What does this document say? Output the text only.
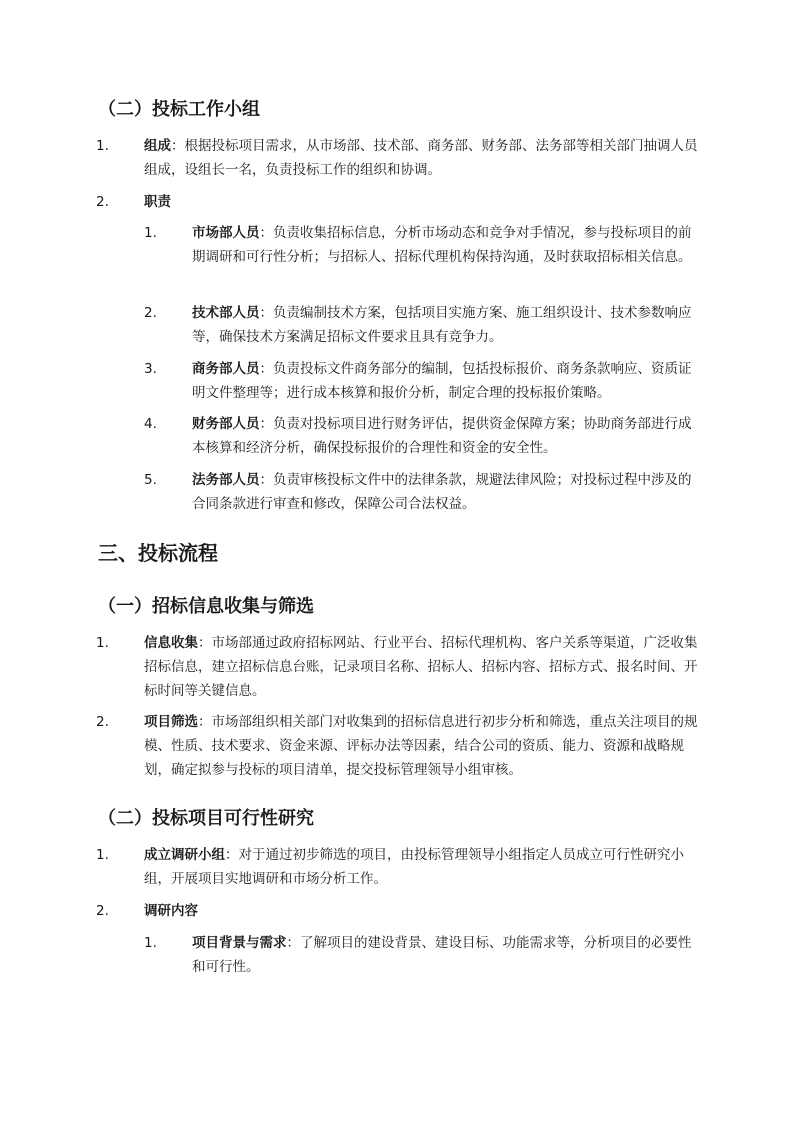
（二）投标工作小组
1.	组成：根据投标项目需求，从市场部、技术部、商务部、财务部、法务部等相关部门抽调人员组成，设组长一名，负责投标工作的组织和协调。
2.	职责
1.	市场部人员：负责收集招标信息，分析市场动态和竞争对手情况，参与投标项目的前期调研和可行性分析；与招标人、招标代理机构保持沟通，及时获取招标相关信息。
2.	技术部人员：负责编制技术方案，包括项目实施方案、施工组织设计、技术参数响应等，确保技术方案满足招标文件要求且具有竞争力。
3.	商务部人员：负责投标文件商务部分的编制，包括投标报价、商务条款响应、资质证明文件整理等；进行成本核算和报价分析，制定合理的投标报价策略。
4.	财务部人员：负责对投标项目进行财务评估，提供资金保障方案；协助商务部进行成本核算和经济分析，确保投标报价的合理性和资金的安全性。
5.	法务部人员：负责审核投标文件中的法律条款，规避法律风险；对投标过程中涉及的合同条款进行审查和修改，保障公司合法权益。
三、投标流程
（一）招标信息收集与筛选
1.	信息收集：市场部通过政府招标网站、行业平台、招标代理机构、客户关系等渠道，广泛收集招标信息，建立招标信息台账，记录项目名称、招标人、招标内容、招标方式、报名时间、开标时间等关键信息。
2.	项目筛选：市场部组织相关部门对收集到的招标信息进行初步分析和筛选，重点关注项目的规模、性质、技术要求、资金来源、评标办法等因素，结合公司的资质、能力、资源和战略规划，确定拟参与投标的项目清单，提交投标管理领导小组审核。
（二）投标项目可行性研究
1.	成立调研小组：对于通过初步筛选的项目，由投标管理领导小组指定人员成立可行性研究小组，开展项目实地调研和市场分析工作。
2.	调研内容
1.	项目背景与需求：了解项目的建设背景、建设目标、功能需求等，分析项目的必要性和可行性。
